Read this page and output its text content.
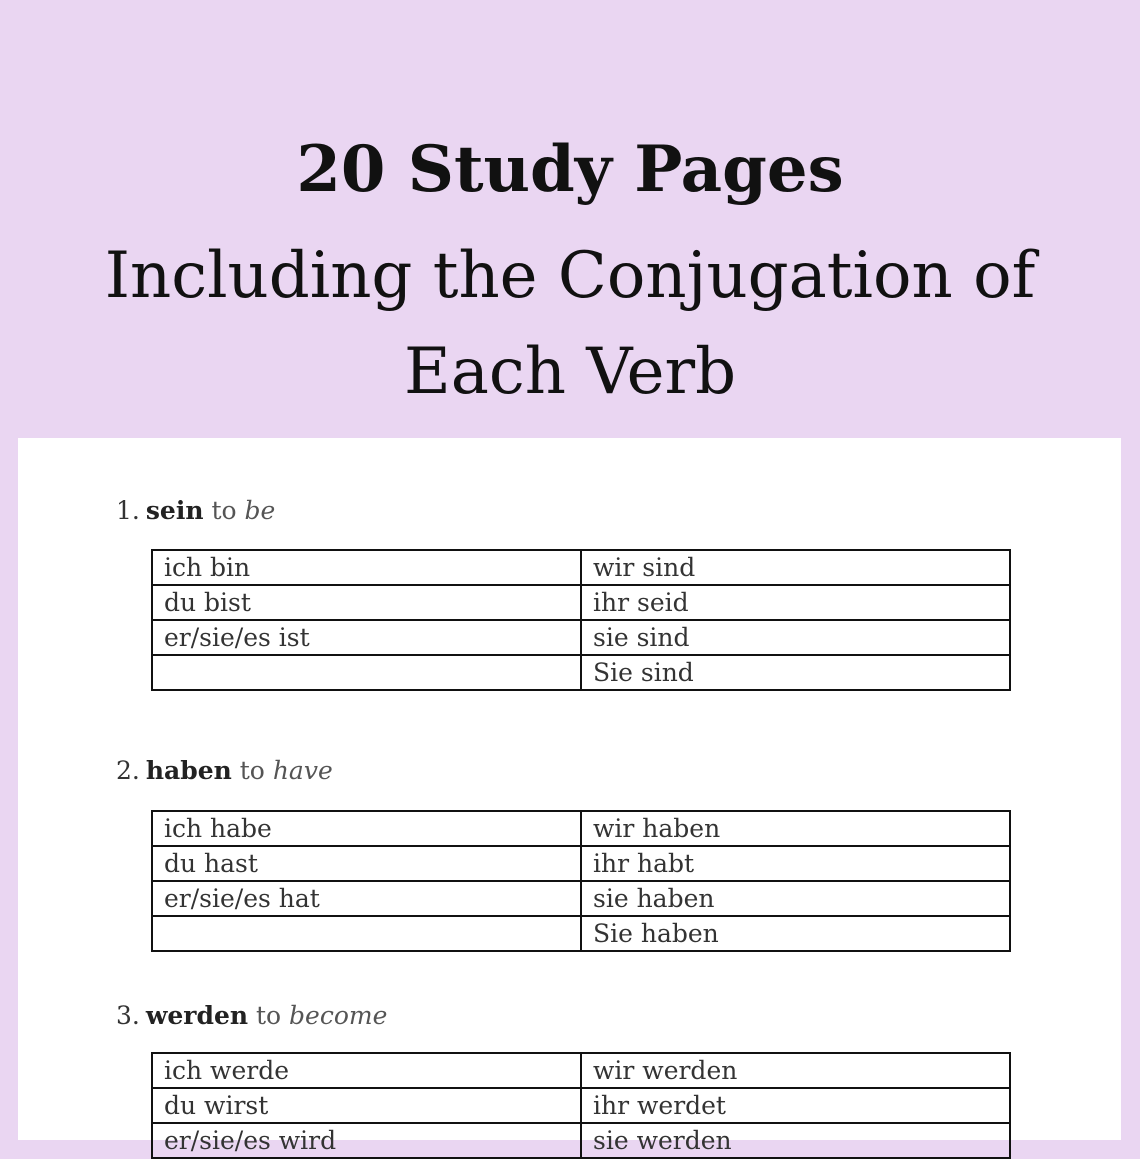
20 Study Pages
Including the Conjugation of
Each Verb
1. sein to be
ich bin	wir sind
du bist	ihr seid
er/sie/es ist	sie sind
	Sie sind
2. haben to have
ich habe	wir haben
du hast	ihr habt
er/sie/es hat	sie haben
	Sie haben
3. werden to become
ich werde	wir werden
du wirst	ihr werdet
er/sie/es wird	sie werden
